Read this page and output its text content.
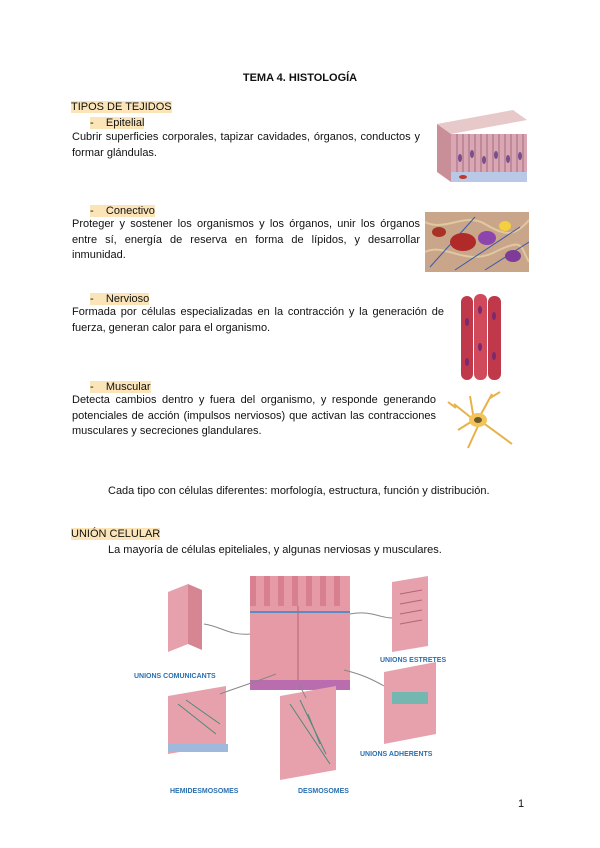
TEMA 4. HISTOLOGÍA
TIPOS DE TEJIDOS
-    Epitelial
Cubrir superficies corporales, tapizar cavidades, órganos, conductos y formar glándulas.
-    Conectivo
Proteger y sostener los organismos y los órganos, unir los órganos entre sí, energía de reserva en forma de lípidos, y desarrollar inmunidad.
-    Nervioso
Formada por células especializadas en la contracción y la generación de fuerza, generan calor para el organismo.
-    Muscular
Detecta cambios dentro y fuera del organismo, y responde generando potenciales de acción (impulsos nerviosos) que activan las contracciones musculares y secreciones glandulares.
Cada tipo con células diferentes: morfología, estructura, función y distribución.
UNIÓN CELULAR
La mayoría de células epiteliales, y algunas nerviosas y musculares.
UNIONS COMUNICANTS
UNIONS ESTRETES
UNIONS ADHERENTS
HEMIDESMOSOMES	DESMOSOMES
1
